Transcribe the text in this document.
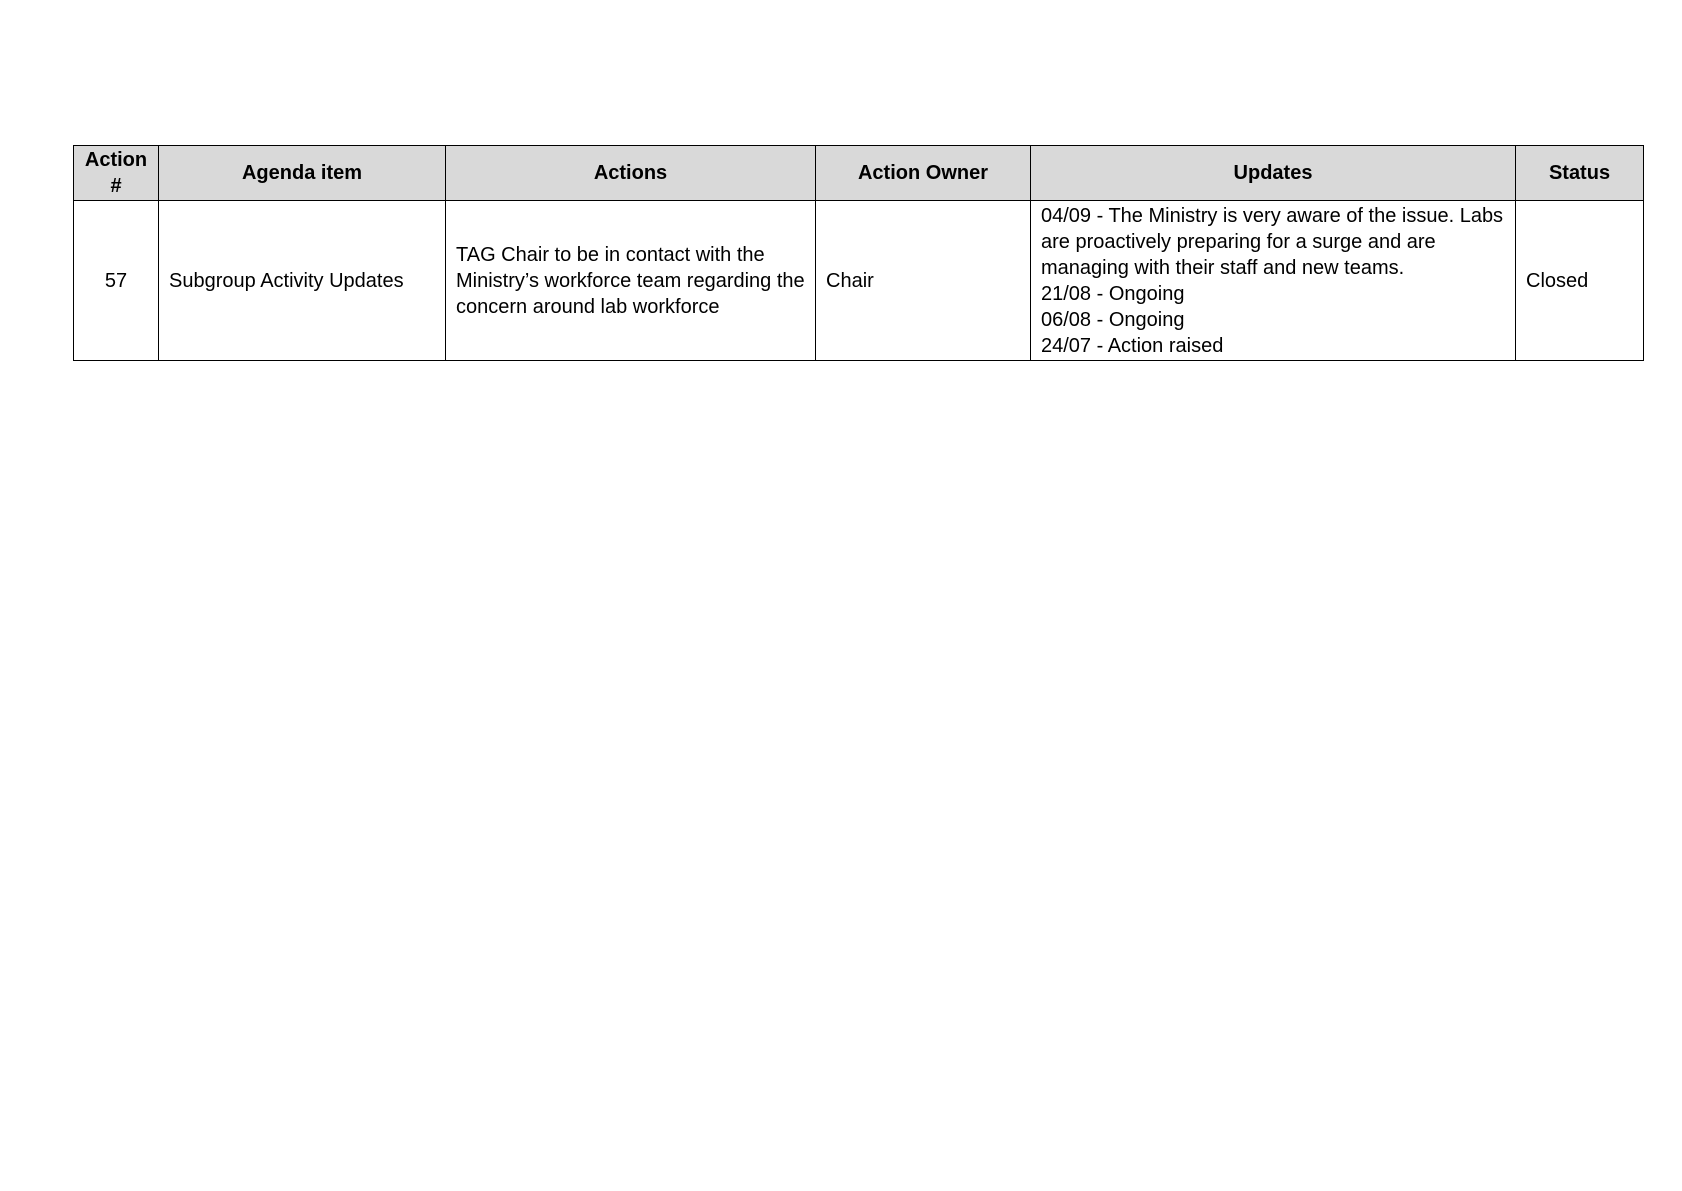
Action #	Agenda item	Actions	Action Owner	Updates	Status
57	Subgroup Activity Updates	TAG Chair to be in contact with the Ministry’s workforce team regarding the concern around lab workforce	Chair	04/09 - The Ministry is very aware of the issue. Labs are proactively preparing for a surge and are managing with their staff and new teams.
21/08 - Ongoing
06/08 - Ongoing
24/07 - Action raised	Closed
